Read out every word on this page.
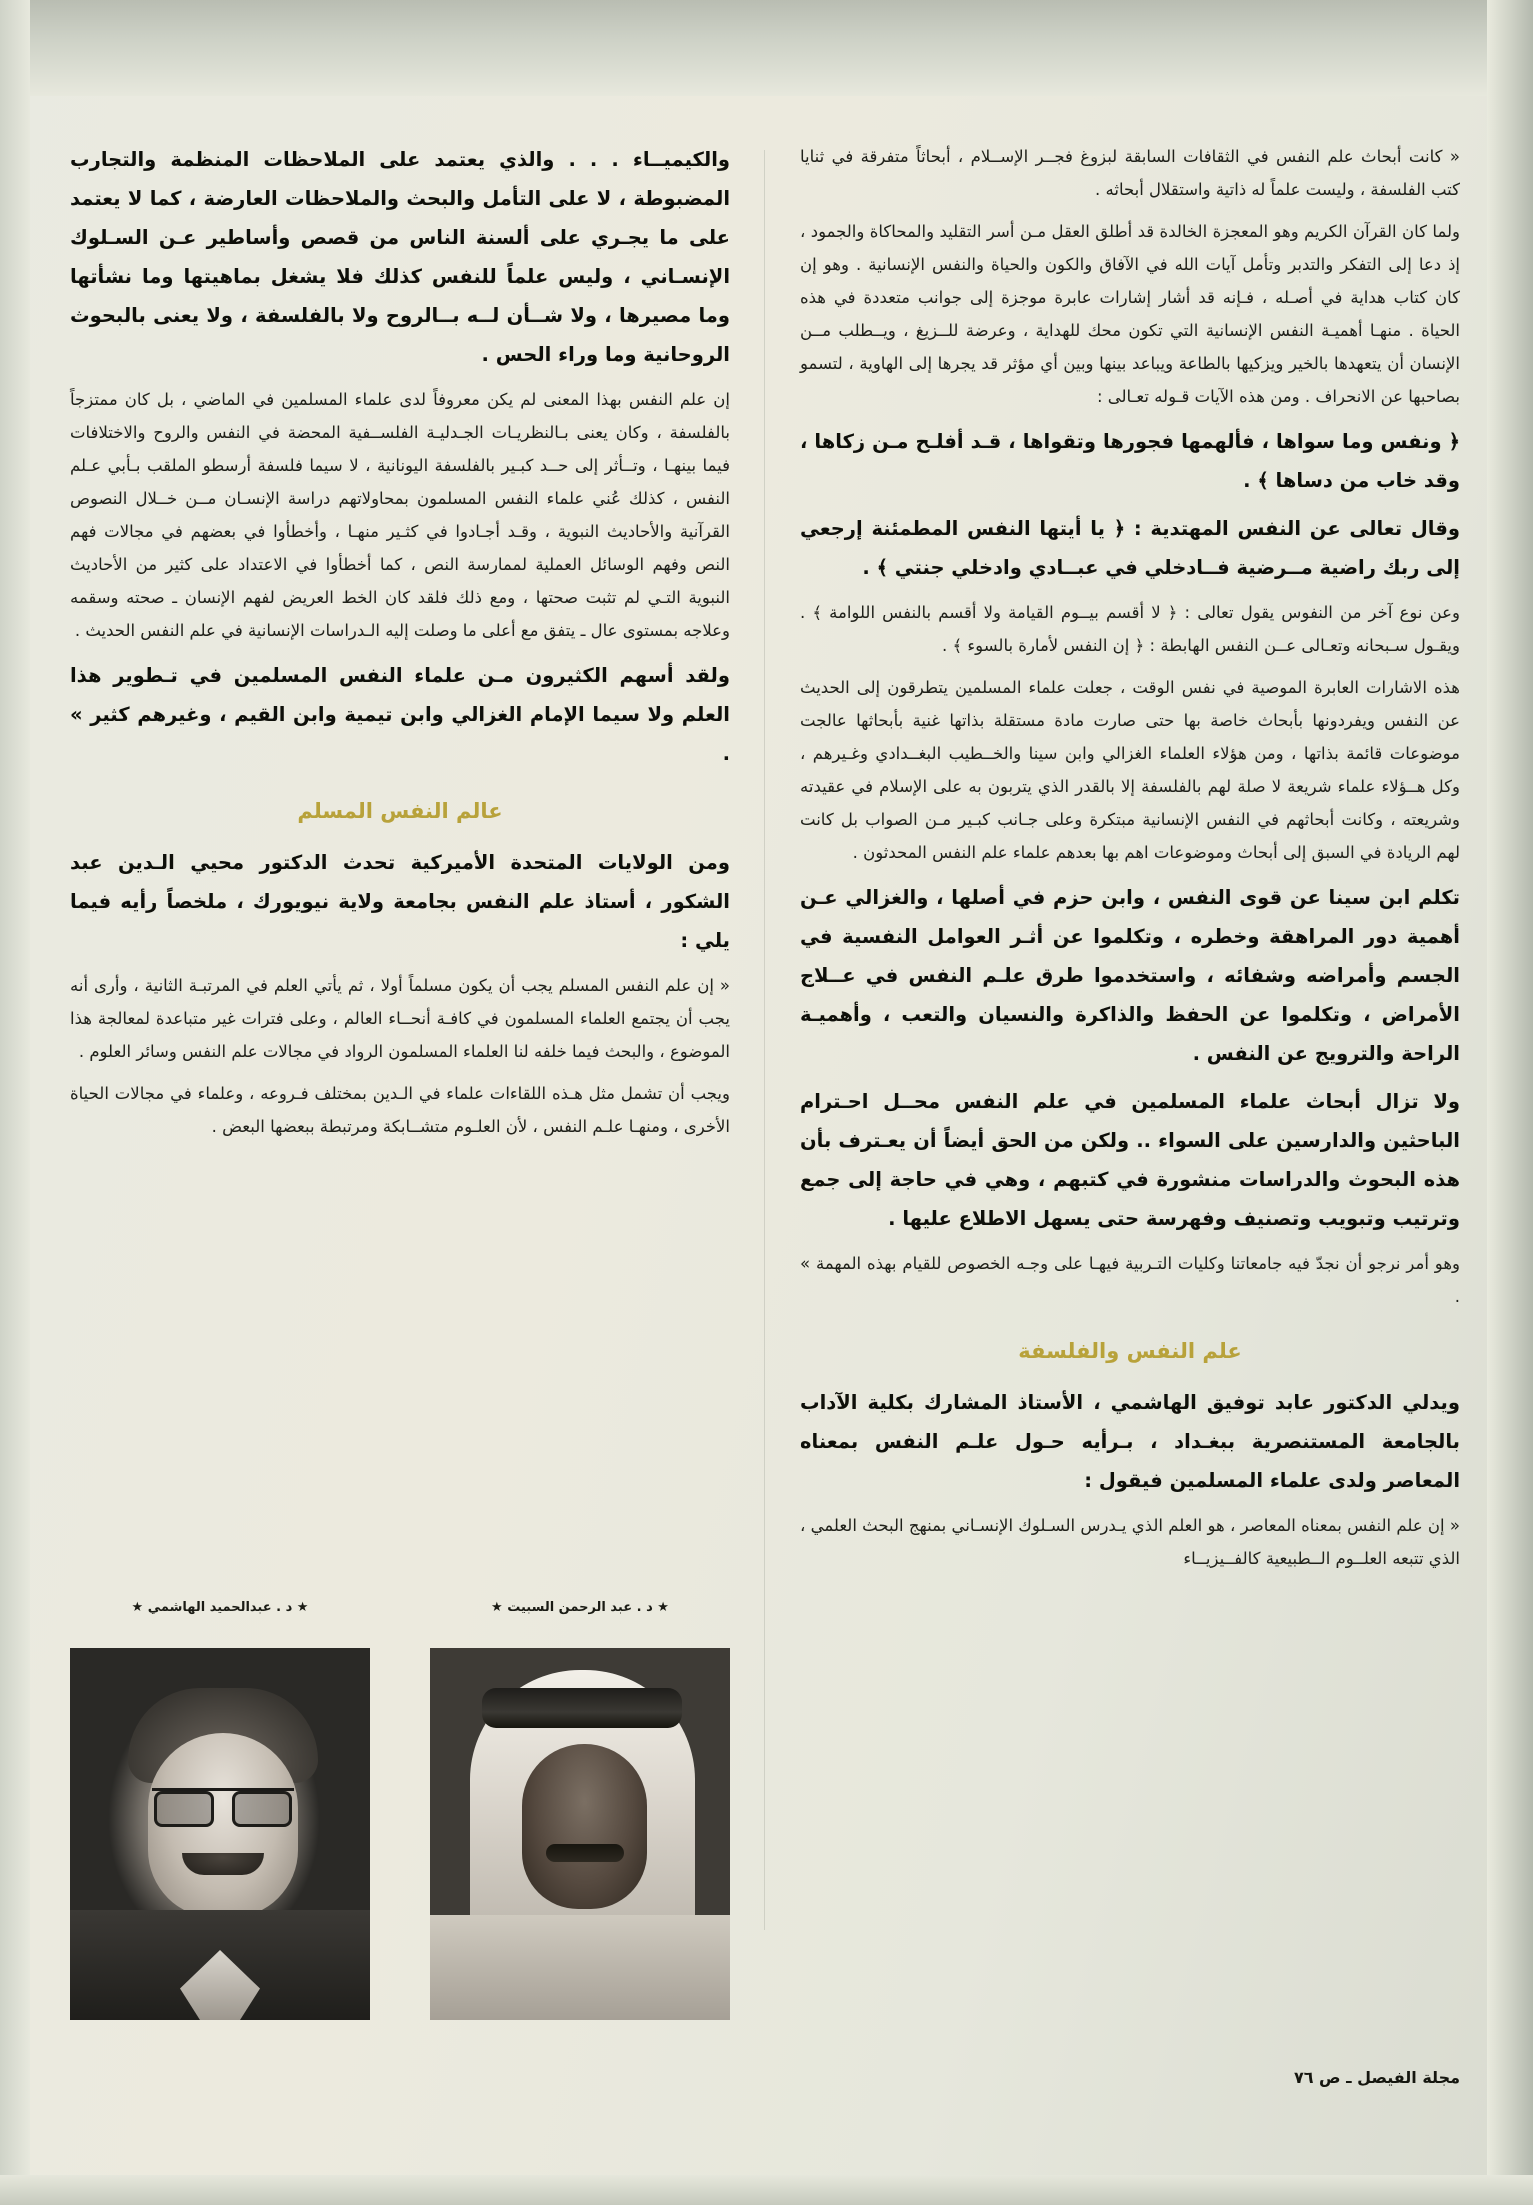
« كانت أبحاث علم النفس في الثقافات السابقة لبزوغ فجــر الإســلام ، أبحاثاً متفرقة في ثنايا كتب الفلسفة ، وليست علماً له ذاتية واستقلال أبحاثه .

ولما كان القرآن الكريم وهو المعجزة الخالدة قد أطلق العقل مـن أسر التقليد والمحاكاة والجمود ، إذ دعا إلى التفكر والتدبر وتأمل آيات الله في الآفاق والكون والحياة والنفس الإنسانية . وهو إن كان كتاب هداية في أصـله ، فـإنه قد أشار إشارات عابرة موجزة إلى جوانب متعددة في هذه الحياة . منهـا أهميـة النفس الإنسانية التي تكون محك للهداية ، وعرضة للــزيغ ، ويــطلب مــن الإنسان أن يتعهدها بالخير ويزكيها بالطاعة ويباعد بينها وبين أي مؤثر قد يجرها إلى الهاوية ، لتسمو بصاحبها عن الانحراف . ومن هذه الآيات قـوله تعـالى :

﴿ ونفس وما سواها ، فألهمها فجورها وتقواها ، قـد أفلـح مـن زكاها ، وقد خاب من دساها ﴾ .

وقال تعالى عن النفس المهتدية : ﴿ يا أيتها النفس المطمئنة إرجعي إلى ربك راضية مــرضية فــادخلي في عبــادي وادخلي جنتي ﴾ .

وعن نوع آخر من النفوس يقول تعالى : ﴿ لا أقسم بيــوم القيامة ولا أقسم بالنفس اللوامة ﴾ . ويقـول سـبحانه وتعـالى عــن النفس الهابطة : ﴿ إن النفس لأمارة بالسوء ﴾ .

هذه الاشارات العابرة الموصية في نفس الوقت ، جعلت علماء المسلمين يتطرقون إلى الحديث عن النفس ويفردونها بأبحاث خاصة بها حتى صارت مادة مستقلة بذاتها غنية بأبحاثها عالجت موضوعات قائمة بذاتها ، ومن هؤلاء العلماء الغزالي وابن سينا والخــطيب البغــدادي وغـيرهم ، وكل هــؤلاء علماء شريعة لا صلة لهم بالفلسفة إلا بالقدر الذي يتربون به على الإسلام في عقيدته وشريعته ، وكانت أبحاثهم في النفس الإنسانية مبتكرة وعلى جـانب كبـير مـن الصواب بل كانت لهم الريادة في السبق إلى أبحاث وموضوعات اهم بها بعدهم علماء علم النفس المحدثون .

تكلم ابن سينا عن قوى النفس ، وابن حزم في أصلها ، والغزالي عـن أهمية دور المراهقة وخطره ، وتكلموا عن أثـر العوامل النفسية في الجسم وأمراضه وشفائه ، واستخدموا طرق علـم النفس في عــلاج الأمراض ، وتكلموا عن الحفظ والذاكرة والنسيان والتعب ، وأهميـة الراحة والترويج عن النفس .

ولا تزال أبحاث علماء المسلمين في علم النفس محــل احـترام الباحثين والدارسين على السواء .. ولكن من الحق أيضاً أن يعـترف بأن هذه البحوث والدراسات منشورة في كتبهم ، وهي في حاجة إلى جمع وترتيب وتبويب وتصنيف وفهرسة حتى يسهل الاطلاع عليها .

وهو أمر نرجو أن نجدّ فيه جامعاتنا وكليات التـربية فيهـا على وجـه الخصوص للقيام بهذه المهمة » .

علم النفس والفلسفة

ويدلي الدكتور عابد توفيق الهاشمي ، الأستاذ المشارك بكلية الآداب بالجامعة المستنصرية ببغـداد ، بـرأيه حـول علـم النفس بمعناه المعاصر ولدى علماء المسلمين فيقول :

« إن علم النفس بمعناه المعاصر ، هو العلم الذي يـدرس السـلوك الإنسـاني بمنهج البحث العلمي ، الذي تتبعه العلــوم الــطبيعية كالفــيزيــاء

والكيميــاء . . . والذي يعتمد على الملاحظات المنظمة والتجارب المضبوطة ، لا على التأمل والبحث والملاحظات العارضة ، كما لا يعتمد على ما يجـري على ألسنة الناس من قصص وأساطير عـن السـلوك الإنسـاني ، وليس علماً للنفس كذلك فلا يشغل بماهيتها وما نشأتها وما مصيرها ، ولا شــأن لــه بــالروح ولا بالفلسفة ، ولا يعنى بالبحوث الروحانية وما وراء الحس .

إن علم النفس بهذا المعنى لم يكن معروفاً لدى علماء المسلمين في الماضي ، بل كان ممتزجاً بالفلسفة ، وكان يعنى بـالنظريـات الجـدليـة الفلســفية المحضة في النفس والروح والاختلافات فيما بينهـا ، وتــأثر إلى حــد كبـير بالفلسفة اليونانية ، لا سيما فلسفة أرسطو الملقب بـأبي عـلم النفس ، كذلك عُني علماء النفس المسلمون بمحاولاتهم دراسة الإنسـان مــن خــلال النصوص القرآنية والأحاديث النبوية ، وقـد أجـادوا في كثـير منهـا ، وأخطأوا في بعضهم في مجالات فهم النص وفهم الوسائل العملية لممارسة النص ، كما أخطأوا في الاعتداد على كثير من الأحاديث النبوية التـي لم تثبت صحتها ، ومع ذلك فلقد كان الخط العريض لفهم الإنسان ـ صحته وسقمه وعلاجه بمستوى عال ـ يتفق مع أعلى ما وصلت إليه الـدراسات الإنسانية في علم النفس الحديث .

ولقد أسهم الكثيرون مـن علماء النفس المسلمين في تـطوير هذا العلم ولا سيما الإمام الغزالي وابن تيمية وابن القيم ، وغيرهم كثير » .

عالم النفس المسلم

ومن الولايات المتحدة الأميركية تحدث الدكتور محيي الـدين عبد الشكور ، أستاذ علم النفس بجامعة ولاية نيويورك ، ملخصاً رأيه فيما يلي :

« إن علم النفس المسلم يجب أن يكون مسلماً أولا ، ثم يأتي العلم في المرتبـة الثانية ، وأرى أنه يجب أن يجتمع العلماء المسلمون في كافـة أنحــاء العالم ، وعلى فترات غير متباعدة لمعالجة هذا الموضوع ، والبحث فيما خلفه لنا العلماء المسلمون الرواد في مجالات علم النفس وسائر العلوم .

ويجب أن تشمل مثل هـذه اللقاءات علماء في الـدين بمختلف فـروعه ، وعلماء في مجالات الحياة الأخرى ، ومنهـا علـم النفس ، لأن العلـوم متشــابكة ومرتبطة ببعضها البعض .

★ د . عبد الرحمن السبيت ★
★ د . عبدالحميد الهاشمي ★
مجلة الفيصل ـ ص ٧٦
